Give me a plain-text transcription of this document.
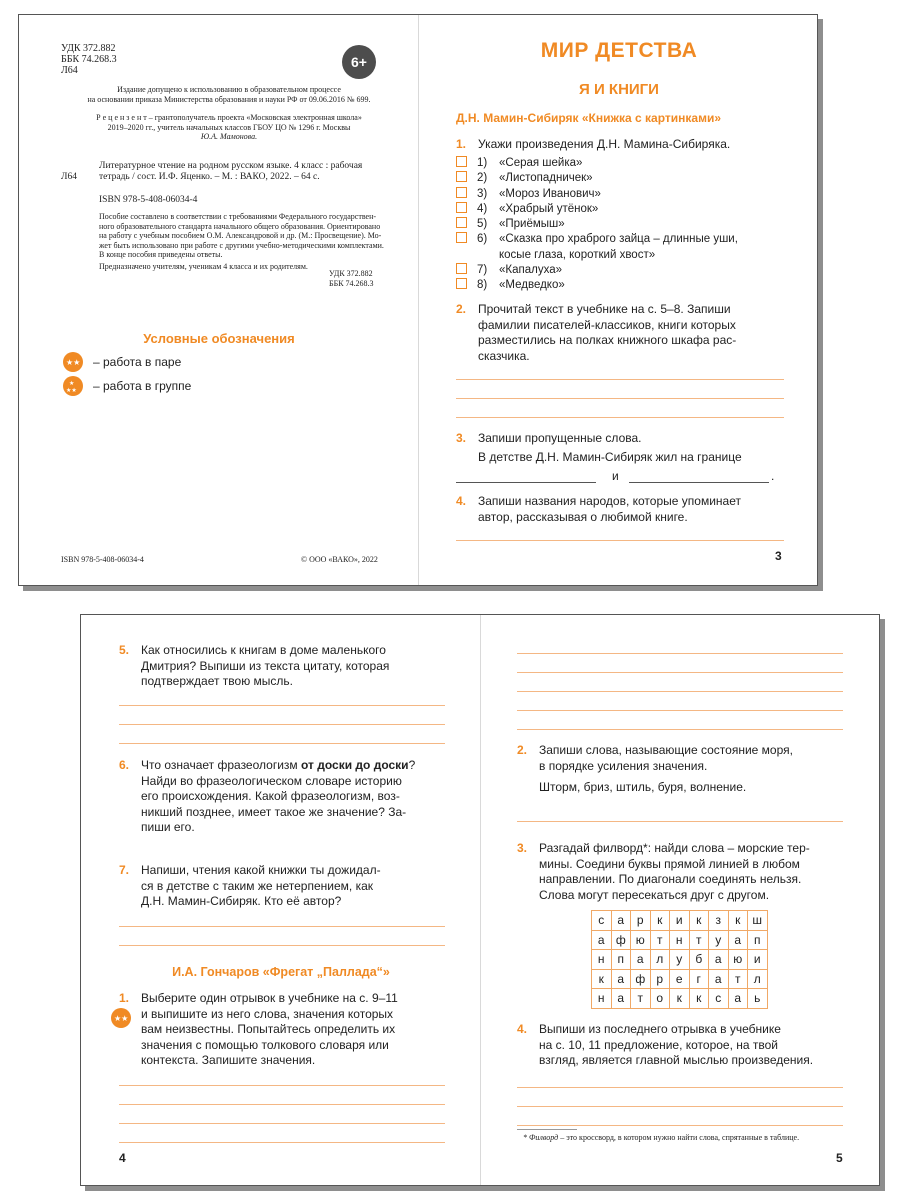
УДК 372.882
ББК 74.268.3
Л64
6+
Издание допущено к использованию в образовательном процессе
на основании приказа Министерства образования и науки РФ от 09.06.2016 № 699.
Р е ц е н з е н т – грантополучатель проекта «Московская электронная школа»
2019–2020 гг., учитель начальных классов ГБОУ ЦО № 1296 г. Москвы
Ю.А. Мамонова.
Литературное чтение на родном русском языке. 4 класс : рабочая
тетрадь / сост. И.Ф. Яценко. – М. : ВАКО, 2022. – 64 с.
Л64
ISBN 978-5-408-06034-4
Пособие составлено в соответствии с требованиями Федерального государствен-
ного образовательного стандарта начального общего образования. Ориентировано
на работу с учебным пособием О.М. Александровой и др. (М.: Просвещение). Мо-
жет быть использовано при работе с другими учебно-методическими комплектами.
В конце пособия приведены ответы.
Предназначено учителям, ученикам 4 класса и их родителям.
УДК 372.882
ББК 74.268.3
Условные обозначения
★★ – работа в паре
★
★★ – работа в группе
ISBN 978-5-408-06034-4	© ООО «ВАКО», 2022
МИР ДЕТСТВА
Я И КНИГИ
Д.Н. Мамин-Сибиряк «Книжка с картинками»
1. Укажи произведения Д.Н. Мамина-Сибиряка.
1)	«Серая шейка»
2)	«Листопадничек»
3)	«Мороз Иванович»
4)	«Храбрый утёнок»
5)	«Приёмыш»
6)	«Сказка про храброго зайца – длинные уши,
косые глаза, короткий хвост»
7)	«Капалуха»
8)	«Медведко»
2. Прочитай текст в учебнике на с. 5–8. Запиши
фамилии писателей-классиков, книги которых
разместились на полках книжного шкафа рас-
сказчика.
3. Запиши пропущенные слова.
В детстве Д.Н. Мамин-Сибиряк жил на границе
и	.
4. Запиши названия народов, которые упоминает
автор, рассказывая о любимой книге.
3
5. Как относились к книгам в доме маленького
Дмитрия? Выпиши из текста цитату, которая
подтверждает твою мысль.
6. Что означает фразеологизм от доски до доски?
Найди во фразеологическом словаре историю
его происхождения. Какой фразеологизм, воз-
никший позднее, имеет такое же значение? За-
пиши его.
7. Напиши, чтения какой книжки ты дожидал-
ся в детстве с таким же нетерпением, как
Д.Н. Мамин-Сибиряк. Кто её автор?
И.А. Гончаров «Фрегат „Паллада“»
1. Выберите один отрывок в учебнике на с. 9–11
и выпишите из него слова, значения которых
вам неизвестны. Попытайтесь определить их
значения с помощью толкового словаря или
контекста. Запишите значения.
★★
4
2. Запиши слова, называющие состояние моря,
в порядке усиления значения.
Шторм, бриз, штиль, буря, волнение.
3. Разгадай филворд*: найди слова – морские тер-
мины. Соедини буквы прямой линией в любом
направлении. По диагонали соединять нельзя.
Слова могут пересекаться друг с другом.
с	а	р	к	и	к	з	к	ш
а	ф	ю	т	н	т	у	а	п
н	п	а	л	у	б	а	ю	и
к	а	ф	р	е	г	а	т	л
н	а	т	о	к	к	с	а	ь
4. Выпиши из последнего отрывка в учебнике
на с. 10, 11 предложение, которое, на твой
взгляд, является главной мыслью произведения.
* Филворд – это кроссворд, в котором нужно найти слова, спрятанные в таблице.
5
